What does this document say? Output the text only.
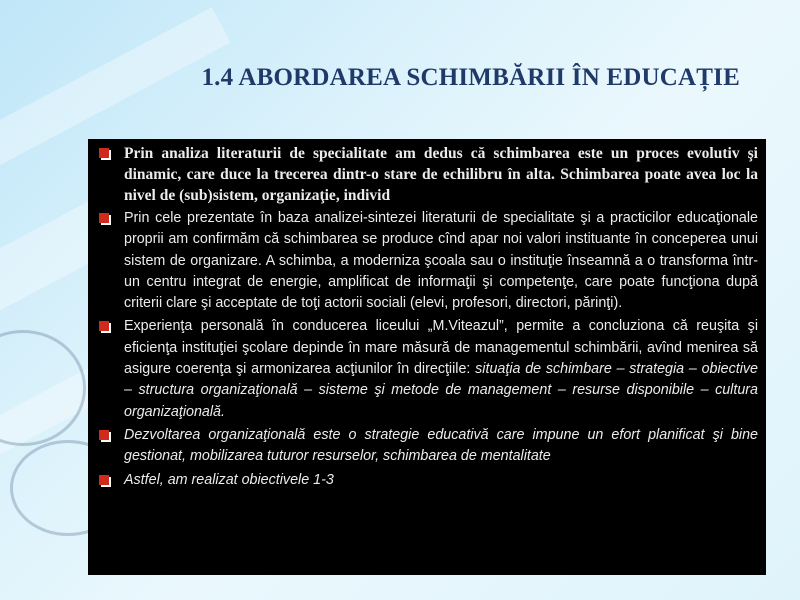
1.4 ABORDAREA SCHIMBĂRII ÎN EDUCAȚIE
Prin analiza literaturii de specialitate am dedus că schimbarea este un proces evolutiv şi dinamic, care duce la trecerea dintr-o stare de echilibru în alta. Schimbarea poate avea loc la nivel de (sub)sistem, organizaţie, individ
Prin cele prezentate în baza analizei-sintezei literaturii de specialitate şi a practicilor educaţionale proprii am confirmăm că schimbarea se produce cînd apar noi valori instituante în conceperea unui sistem de organizare. A schimba, a moderniza şcoala sau o instituţie înseamnă a o transforma într-un centru integrat de energie, amplificat de informaţii şi competenţe, care poate funcţiona după criterii clare şi acceptate de toţi actorii sociali (elevi, profesori, directori, părinţi).
Experienţa personală în conducerea liceului „M.Viteazul”, permite a concluziona că reuşita şi eficienţa instituţiei şcolare depinde în mare măsură de managementul schimbării, avînd menirea să asigure coerenţa şi armonizarea acţiunilor în direcţiile: situaţia de schimbare – strategia – obiective – structura organizaţională – sisteme şi metode de management – resurse disponibile – cultura organizaţională.
Dezvoltarea organizaţională este o strategie educativă care impune un efort planificat şi bine gestionat, mobilizarea tuturor resurselor, schimbarea de mentalitate
Astfel, am realizat obiectivele 1-3
